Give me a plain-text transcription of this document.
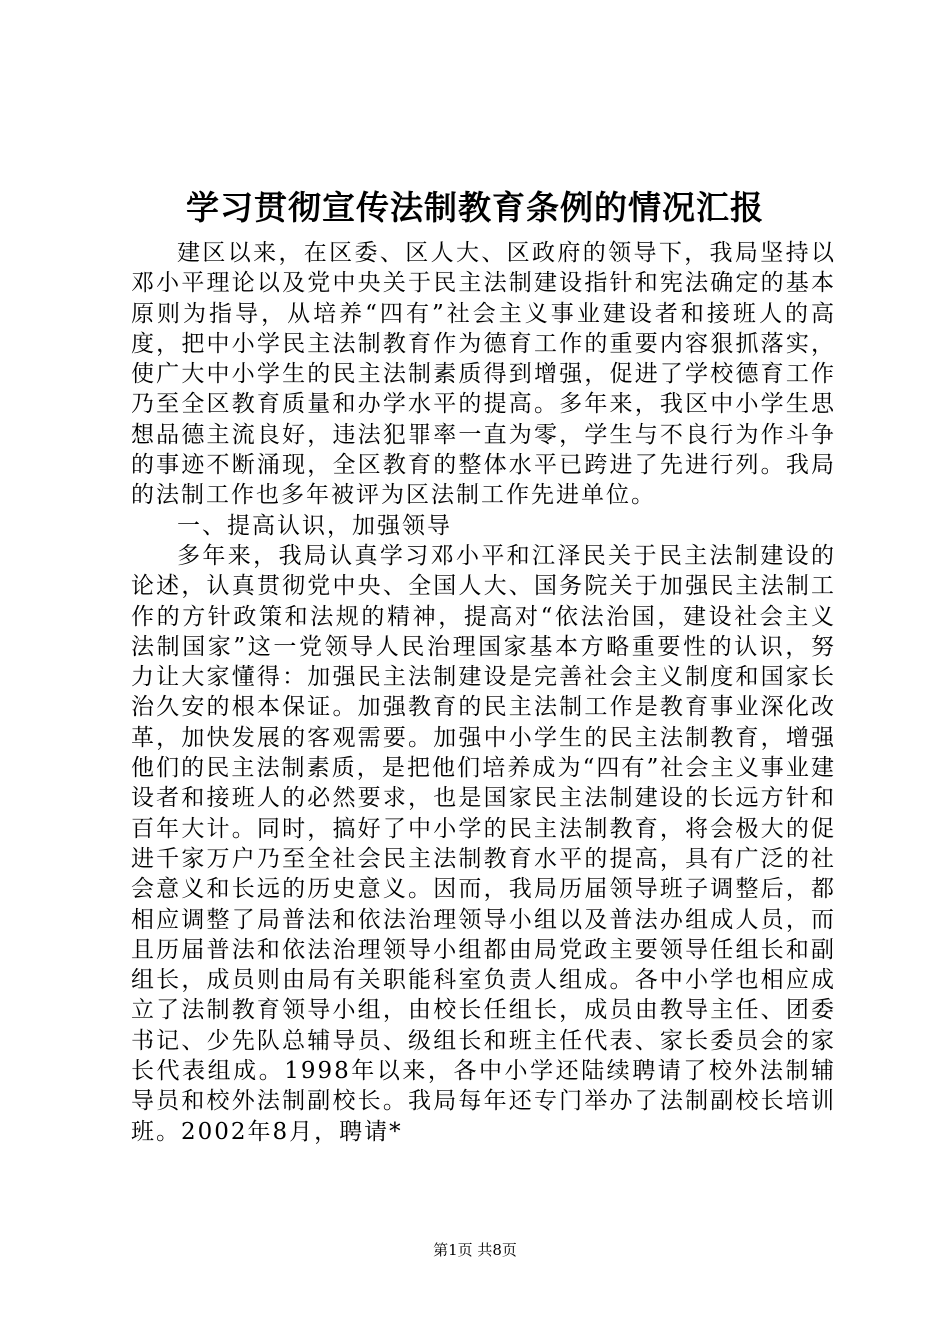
学习贯彻宣传法制教育条例的情况汇报

建区以来，在区委、区人大、区政府的领导下，我局坚持以邓小平理论以及党中央关于民主法制建设指针和宪法确定的基本原则为指导，从培养“四有”社会主义事业建设者和接班人的高度，把中小学民主法制教育作为德育工作的重要内容狠抓落实，使广大中小学生的民主法制素质得到增强，促进了学校德育工作乃至全区教育质量和办学水平的提高。多年来，我区中小学生思想品德主流良好，违法犯罪率一直为零，学生与不良行为作斗争的事迹不断涌现，全区教育的整体水平已跨进了先进行列。我局的法制工作也多年被评为区法制工作先进单位。

一、提高认识，加强领导

多年来，我局认真学习邓小平和江泽民关于民主法制建设的论述，认真贯彻党中央、全国人大、国务院关于加强民主法制工作的方针政策和法规的精神，提高对“依法治国，建设社会主义法制国家”这一党领导人民治理国家基本方略重要性的认识，努力让大家懂得：加强民主法制建设是完善社会主义制度和国家长治久安的根本保证。加强教育的民主法制工作是教育事业深化改革，加快发展的客观需要。加强中小学生的民主法制教育，增强他们的民主法制素质，是把他们培养成为“四有”社会主义事业建设者和接班人的必然要求，也是国家民主法制建设的长远方针和百年大计。同时，搞好了中小学的民主法制教育，将会极大的促进千家万户乃至全社会民主法制教育水平的提高，具有广泛的社会意义和长远的历史意义。因而，我局历届领导班子调整后，都相应调整了局普法和依法治理领导小组以及普法办组成人员，而且历届普法和依法治理领导小组都由局党政主要领导任组长和副组长，成员则由局有关职能科室负责人组成。各中小学也相应成立了法制教育领导小组，由校长任组长，成员由教导主任、团委书记、少先队总辅导员、级组长和班主任代表、家长委员会的家长代表组成。1998年以来，各中小学还陆续聘请了校外法制辅导员和校外法制副校长。我局每年还专门举办了法制副校长培训班。2002年8月，聘请*

第1页 共8页
